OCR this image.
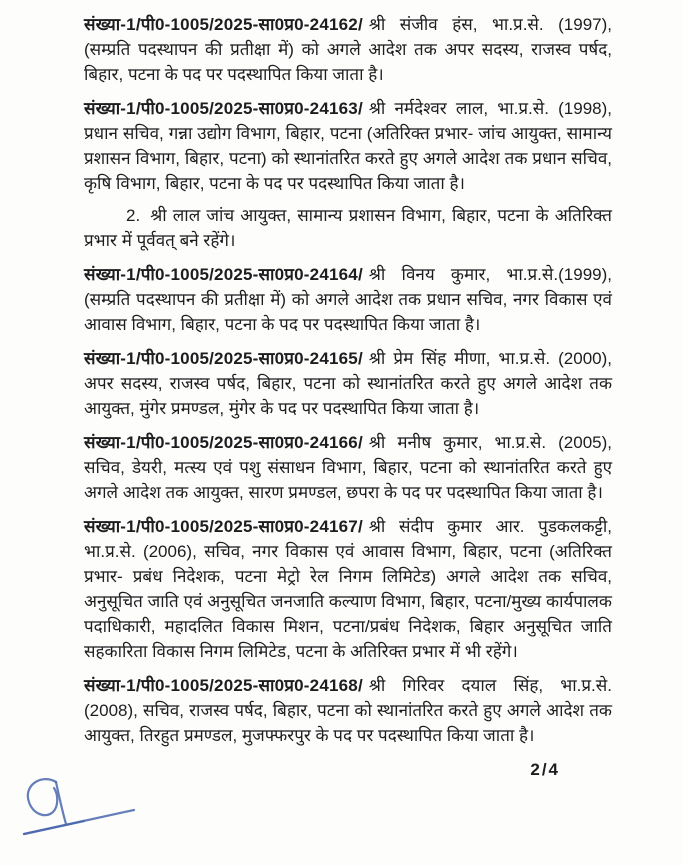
संख्या-1/पी0-1005/2025-सा0प्र0-24162/ श्री संजीव हंस, भा.प्र.से. (1997), (सम्प्रति पदस्थापन की प्रतीक्षा में) को अगले आदेश तक अपर सदस्य, राजस्व पर्षद, बिहार, पटना के पद पर पदस्थापित किया जाता है।

संख्या-1/पी0-1005/2025-सा0प्र0-24163/ श्री नर्मदेश्वर लाल, भा.प्र.से. (1998), प्रधान सचिव, गन्ना उद्योग विभाग, बिहार, पटना (अतिरिक्त प्रभार- जांच आयुक्त, सामान्य प्रशासन विभाग, बिहार, पटना) को स्थानांतरित करते हुए अगले आदेश तक प्रधान सचिव, कृषि विभाग, बिहार, पटना के पद पर पदस्थापित किया जाता है।

2. श्री लाल जांच आयुक्त, सामान्य प्रशासन विभाग, बिहार, पटना के अतिरिक्त प्रभार में पूर्ववत् बने रहेंगे।

संख्या-1/पी0-1005/2025-सा0प्र0-24164/ श्री विनय कुमार, भा.प्र.से.(1999), (सम्प्रति पदस्थापन की प्रतीक्षा में) को अगले आदेश तक प्रधान सचिव, नगर विकास एवं आवास विभाग, बिहार, पटना के पद पर पदस्थापित किया जाता है।

संख्या-1/पी0-1005/2025-सा0प्र0-24165/ श्री प्रेम सिंह मीणा, भा.प्र.से. (2000), अपर सदस्य, राजस्व पर्षद, बिहार, पटना को स्थानांतरित करते हुए अगले आदेश तक आयुक्त, मुंगेर प्रमण्डल, मुंगेर के पद पर पदस्थापित किया जाता है।

संख्या-1/पी0-1005/2025-सा0प्र0-24166/ श्री मनीष कुमार, भा.प्र.से. (2005), सचिव, डेयरी, मत्स्य एवं पशु संसाधन विभाग, बिहार, पटना को स्थानांतरित करते हुए अगले आदेश तक आयुक्त, सारण प्रमण्डल, छपरा के पद पर पदस्थापित किया जाता है।

संख्या-1/पी0-1005/2025-सा0प्र0-24167/ श्री संदीप कुमार आर. पुडकलकट्टी, भा.प्र.से. (2006), सचिव, नगर विकास एवं आवास विभाग, बिहार, पटना (अतिरिक्त प्रभार- प्रबंध निदेशक, पटना मेट्रो रेल निगम लिमिटेड) अगले आदेश तक सचिव, अनुसूचित जाति एवं अनुसूचित जनजाति कल्याण विभाग, बिहार, पटना/मुख्य कार्यपालक पदाधिकारी, महादलित विकास मिशन, पटना/प्रबंध निदेशक, बिहार अनुसूचित जाति सहकारिता विकास निगम लिमिटेड, पटना के अतिरिक्त प्रभार में भी रहेंगे।

संख्या-1/पी0-1005/2025-सा0प्र0-24168/ श्री गिरिवर दयाल सिंह, भा.प्र.से. (2008), सचिव, राजस्व पर्षद, बिहार, पटना को स्थानांतरित करते हुए अगले आदेश तक आयुक्त, तिरहुत प्रमण्डल, मुजफ्फरपुर के पद पर पदस्थापित किया जाता है।

2/4
